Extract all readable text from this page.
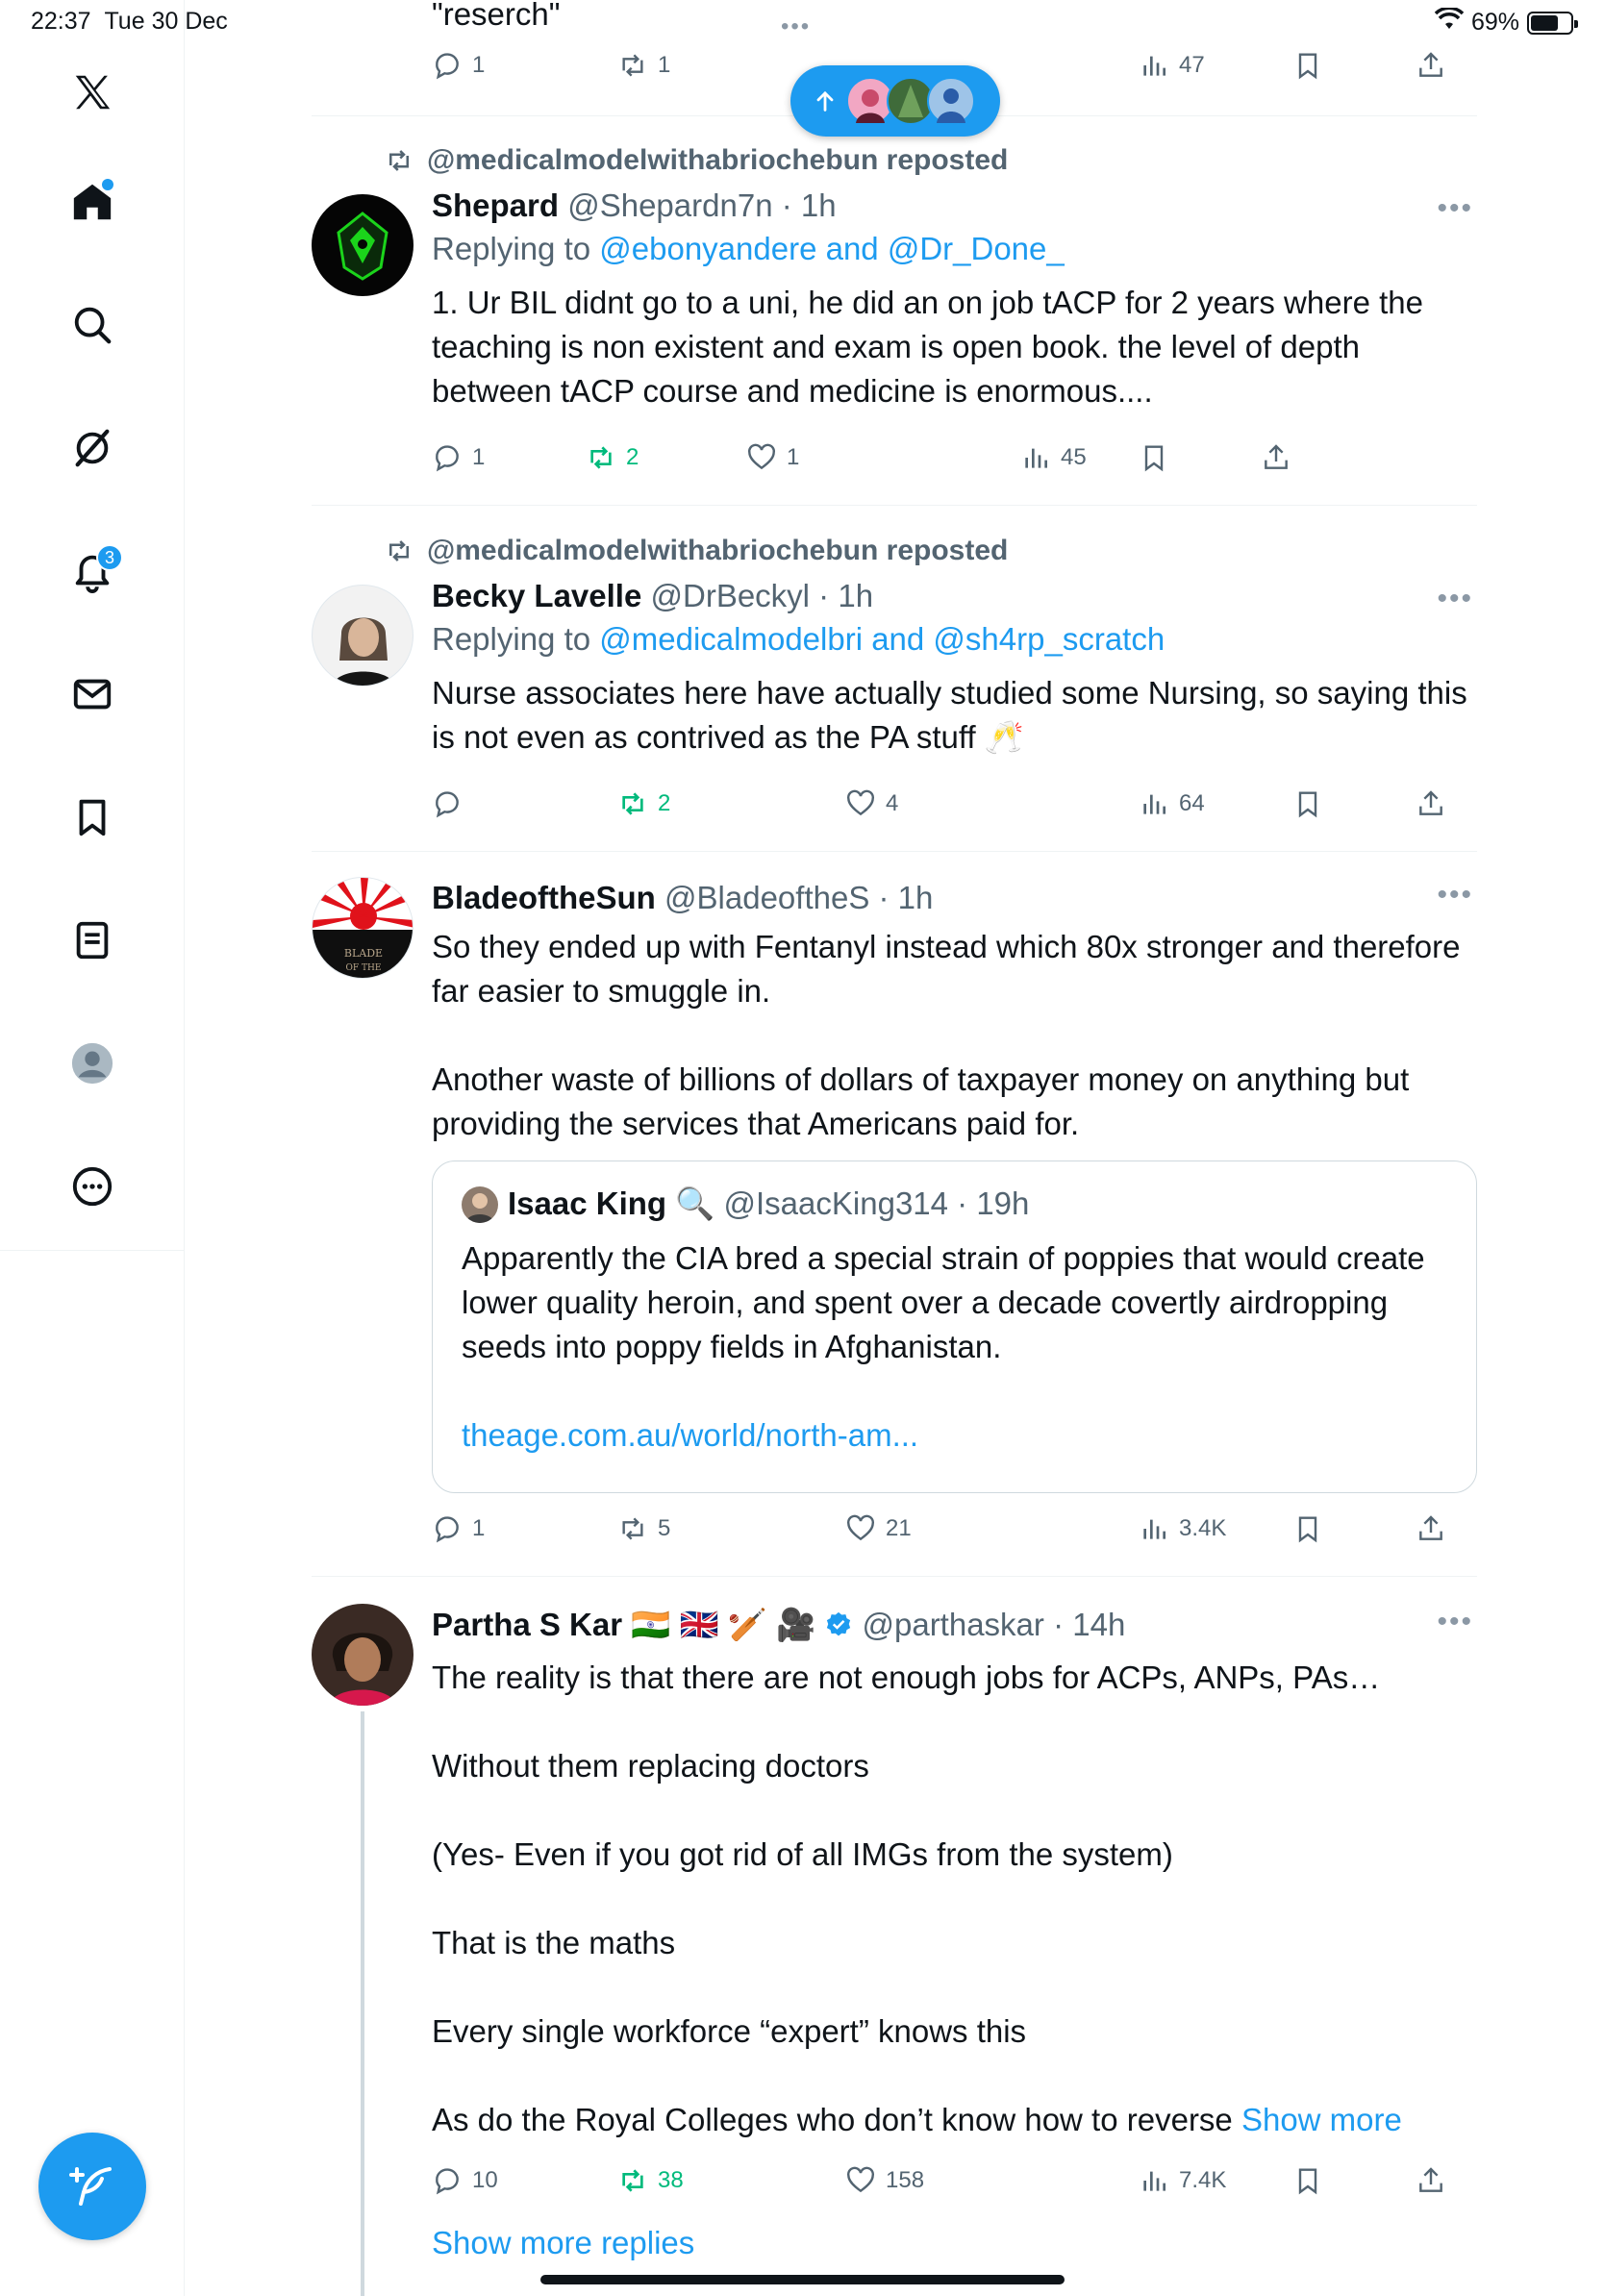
22:37 Tue 30 Dec	•••	69%
3
"reserch"
1	1	47
@medicalmodelwithabriochebun reposted
Shepard @Shepardn7n · 1h
Replying to @ebonyandere and @Dr_Done_
1. Ur BIL didnt go to a uni, he did an on job tACP for 2 years where the teaching is non existent and exam is open book. the level of depth between tACP course and medicine is enormous....
•••
1	2	1	45
@medicalmodelwithabriochebun reposted
Becky Lavelle @DrBeckyl · 1h
Replying to @medicalmodelbri and @sh4rp_scratch
Nurse associates here have actually studied some Nursing, so saying this is not even as contrived as the PA stuff 🥂
•••
2	4	64
BLADE
OF THE
BladeoftheSun @BladeoftheS · 1h
So they ended up with Fentanyl instead which 80x stronger and therefore far easier to smuggle in.
Another waste of billions of dollars of taxpayer money on anything but providing the services that Americans paid for.
•••
Isaac King 🔍 @IsaacKing314 · 19h
Apparently the CIA bred a special strain of poppies that would create lower quality heroin, and spent over a decade covertly airdropping seeds into poppy fields in Afghanistan.
theage.com.au/world/north-am...
1	5	21	3.4K
Partha S Kar 🇮🇳 🇬🇧 🏏 🎥 @parthaskar · 14h
The reality is that there are not enough jobs for ACPs, ANPs, PAs…
Without them replacing doctors
(Yes- Even if you got rid of all IMGs from the system)
That is the maths
Every single workforce “expert” knows this
As do the Royal Colleges who don’t know how to reverse Show more
•••
10	38	158	7.4K
Show more replies
